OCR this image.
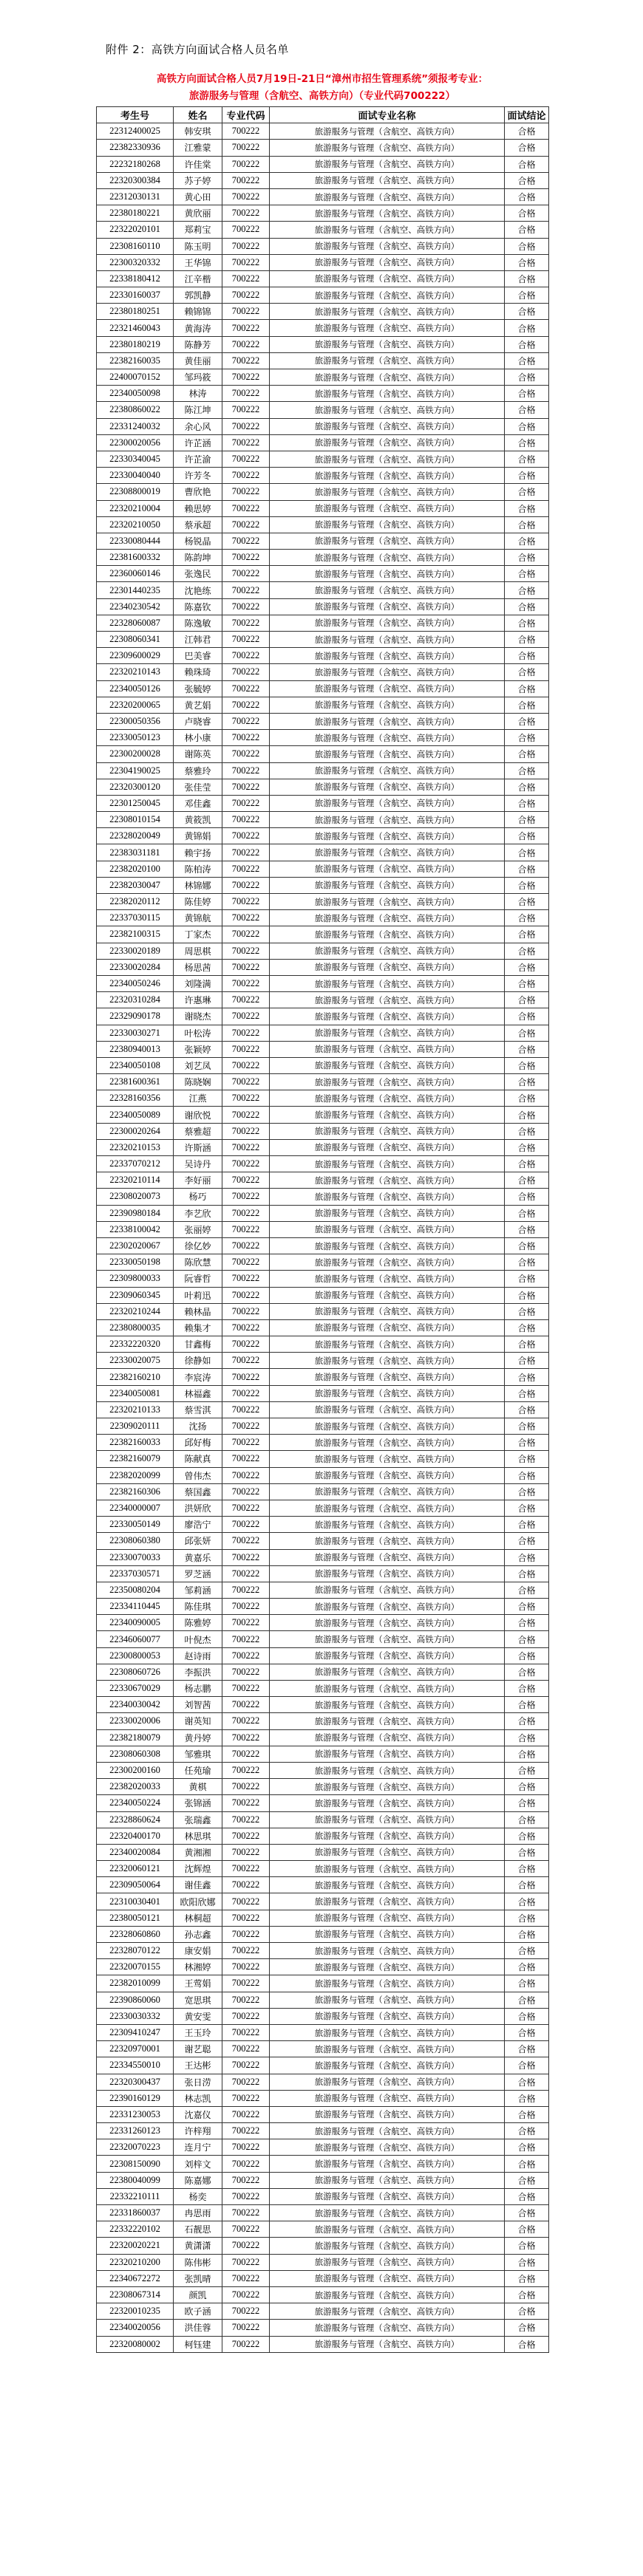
附件 2：高铁方向面试合格人员名单
高铁方向面试合格人员7月19日-21日“漳州市招生管理系统”须报考专业：
旅游服务与管理（含航空、高铁方向）（专业代码700222）
考生号	姓名	专业代码	面试专业名称	面试结论
22312400025	韩安琪	700222	旅游服务与管理（含航空、高铁方向）	合格
22382330936	江雅蒙	700222	旅游服务与管理（含航空、高铁方向）	合格
22232180268	许佳棠	700222	旅游服务与管理（含航空、高铁方向）	合格
22320300384	苏子婷	700222	旅游服务与管理（含航空、高铁方向）	合格
22312030131	黄心田	700222	旅游服务与管理（含航空、高铁方向）	合格
22380180221	黄欣丽	700222	旅游服务与管理（含航空、高铁方向）	合格
22322020101	郑莉宝	700222	旅游服务与管理（含航空、高铁方向）	合格
22308160110	陈玉明	700222	旅游服务与管理（含航空、高铁方向）	合格
22300320332	王华锦	700222	旅游服务与管理（含航空、高铁方向）	合格
22338180412	江辛楷	700222	旅游服务与管理（含航空、高铁方向）	合格
22330160037	郭凯静	700222	旅游服务与管理（含航空、高铁方向）	合格
22380180251	赖锦锦	700222	旅游服务与管理（含航空、高铁方向）	合格
22321460043	黄海涛	700222	旅游服务与管理（含航空、高铁方向）	合格
22380180219	陈静芳	700222	旅游服务与管理（含航空、高铁方向）	合格
22382160035	黄佳丽	700222	旅游服务与管理（含航空、高铁方向）	合格
22400070152	邹玛筱	700222	旅游服务与管理（含航空、高铁方向）	合格
22340050098	林涛	700222	旅游服务与管理（含航空、高铁方向）	合格
22380860022	陈江坤	700222	旅游服务与管理（含航空、高铁方向）	合格
22331240032	余心风	700222	旅游服务与管理（含航空、高铁方向）	合格
22300020056	许芷涵	700222	旅游服务与管理（含航空、高铁方向）	合格
22330340045	许芷渝	700222	旅游服务与管理（含航空、高铁方向）	合格
22330040040	许芳冬	700222	旅游服务与管理（含航空、高铁方向）	合格
22308800019	曹欣艳	700222	旅游服务与管理（含航空、高铁方向）	合格
22320210004	赖思婷	700222	旅游服务与管理（含航空、高铁方向）	合格
22320210050	蔡承超	700222	旅游服务与管理（含航空、高铁方向）	合格
22330080444	杨锐晶	700222	旅游服务与管理（含航空、高铁方向）	合格
22381600332	陈韵坤	700222	旅游服务与管理（含航空、高铁方向）	合格
22360060146	张逸民	700222	旅游服务与管理（含航空、高铁方向）	合格
22301440235	沈艳练	700222	旅游服务与管理（含航空、高铁方向）	合格
22340230542	陈嘉钦	700222	旅游服务与管理（含航空、高铁方向）	合格
22328060087	陈逸敏	700222	旅游服务与管理（含航空、高铁方向）	合格
22308060341	江韩君	700222	旅游服务与管理（含航空、高铁方向）	合格
22309600029	巴美睿	700222	旅游服务与管理（含航空、高铁方向）	合格
22320210143	赖珠琦	700222	旅游服务与管理（含航空、高铁方向）	合格
22340050126	张毓婷	700222	旅游服务与管理（含航空、高铁方向）	合格
22320200065	黄艺娟	700222	旅游服务与管理（含航空、高铁方向）	合格
22300050356	卢晓睿	700222	旅游服务与管理（含航空、高铁方向）	合格
22330050123	林小康	700222	旅游服务与管理（含航空、高铁方向）	合格
22300200028	谢陈英	700222	旅游服务与管理（含航空、高铁方向）	合格
22304190025	蔡雅玲	700222	旅游服务与管理（含航空、高铁方向）	合格
22320300120	张佳莹	700222	旅游服务与管理（含航空、高铁方向）	合格
22301250045	邓佳鑫	700222	旅游服务与管理（含航空、高铁方向）	合格
22308010154	黄筱凯	700222	旅游服务与管理（含航空、高铁方向）	合格
22328020049	黄锦娟	700222	旅游服务与管理（含航空、高铁方向）	合格
22383031181	赖宇扬	700222	旅游服务与管理（含航空、高铁方向）	合格
22382020100	陈柏涛	700222	旅游服务与管理（含航空、高铁方向）	合格
22382030047	林锦娜	700222	旅游服务与管理（含航空、高铁方向）	合格
22382020112	陈佳婷	700222	旅游服务与管理（含航空、高铁方向）	合格
22337030115	黄锦航	700222	旅游服务与管理（含航空、高铁方向）	合格
22382100315	丁家杰	700222	旅游服务与管理（含航空、高铁方向）	合格
22330020189	周思棋	700222	旅游服务与管理（含航空、高铁方向）	合格
22330020284	杨思茜	700222	旅游服务与管理（含航空、高铁方向）	合格
22340050246	刘隆满	700222	旅游服务与管理（含航空、高铁方向）	合格
22320310284	许惠琳	700222	旅游服务与管理（含航空、高铁方向）	合格
22329090178	谢晓杰	700222	旅游服务与管理（含航空、高铁方向）	合格
22330030271	叶松涛	700222	旅游服务与管理（含航空、高铁方向）	合格
22380940013	张颖婷	700222	旅游服务与管理（含航空、高铁方向）	合格
22340050108	刘艺凤	700222	旅游服务与管理（含航空、高铁方向）	合格
22381600361	陈晓娴	700222	旅游服务与管理（含航空、高铁方向）	合格
22328160356	江燕	700222	旅游服务与管理（含航空、高铁方向）	合格
22340050089	谢欣悦	700222	旅游服务与管理（含航空、高铁方向）	合格
22300020264	蔡雅超	700222	旅游服务与管理（含航空、高铁方向）	合格
22320210153	许斯涵	700222	旅游服务与管理（含航空、高铁方向）	合格
22337070212	吴诗丹	700222	旅游服务与管理（含航空、高铁方向）	合格
22320210114	李好丽	700222	旅游服务与管理（含航空、高铁方向）	合格
22308020073	杨巧	700222	旅游服务与管理（含航空、高铁方向）	合格
22390980184	李艺欣	700222	旅游服务与管理（含航空、高铁方向）	合格
22338100042	张丽婷	700222	旅游服务与管理（含航空、高铁方向）	合格
22302020067	徐亿妙	700222	旅游服务与管理（含航空、高铁方向）	合格
22330050198	陈欣慧	700222	旅游服务与管理（含航空、高铁方向）	合格
22309800033	阮睿哲	700222	旅游服务与管理（含航空、高铁方向）	合格
22309060345	叶莉迅	700222	旅游服务与管理（含航空、高铁方向）	合格
22320210244	赖林晶	700222	旅游服务与管理（含航空、高铁方向）	合格
22380800035	赖集才	700222	旅游服务与管理（含航空、高铁方向）	合格
22332220320	甘鑫梅	700222	旅游服务与管理（含航空、高铁方向）	合格
22330020075	徐静如	700222	旅游服务与管理（含航空、高铁方向）	合格
22382160210	李宸涛	700222	旅游服务与管理（含航空、高铁方向）	合格
22340050081	林福鑫	700222	旅游服务与管理（含航空、高铁方向）	合格
22320210133	蔡雪淇	700222	旅游服务与管理（含航空、高铁方向）	合格
22309020111	沈扬	700222	旅游服务与管理（含航空、高铁方向）	合格
22382160033	邱好梅	700222	旅游服务与管理（含航空、高铁方向）	合格
22382160079	陈献真	700222	旅游服务与管理（含航空、高铁方向）	合格
22382020099	曾伟杰	700222	旅游服务与管理（含航空、高铁方向）	合格
22382160306	蔡国鑫	700222	旅游服务与管理（含航空、高铁方向）	合格
22340000007	洪妍欣	700222	旅游服务与管理（含航空、高铁方向）	合格
22330050149	廖浩宁	700222	旅游服务与管理（含航空、高铁方向）	合格
22308060380	邱张妍	700222	旅游服务与管理（含航空、高铁方向）	合格
22330070033	黄嘉乐	700222	旅游服务与管理（含航空、高铁方向）	合格
22337030571	罗芝涵	700222	旅游服务与管理（含航空、高铁方向）	合格
22350080204	邹莉涵	700222	旅游服务与管理（含航空、高铁方向）	合格
22334110445	陈佳琪	700222	旅游服务与管理（含航空、高铁方向）	合格
22340090005	陈雅婷	700222	旅游服务与管理（含航空、高铁方向）	合格
22346060077	叶倪杰	700222	旅游服务与管理（含航空、高铁方向）	合格
22300800053	赵诗雨	700222	旅游服务与管理（含航空、高铁方向）	合格
22308060726	李振洪	700222	旅游服务与管理（含航空、高铁方向）	合格
22330670029	杨志鹏	700222	旅游服务与管理（含航空、高铁方向）	合格
22340030042	刘智茜	700222	旅游服务与管理（含航空、高铁方向）	合格
22330020006	谢英知	700222	旅游服务与管理（含航空、高铁方向）	合格
22382180079	黄丹婷	700222	旅游服务与管理（含航空、高铁方向）	合格
22308060308	邹雅琪	700222	旅游服务与管理（含航空、高铁方向）	合格
22300200160	任苑瑜	700222	旅游服务与管理（含航空、高铁方向）	合格
22382020033	黄棋	700222	旅游服务与管理（含航空、高铁方向）	合格
22340050224	张锦涵	700222	旅游服务与管理（含航空、高铁方向）	合格
22328860624	张瑞鑫	700222	旅游服务与管理（含航空、高铁方向）	合格
22320400170	林思琪	700222	旅游服务与管理（含航空、高铁方向）	合格
22340020084	黄湘湘	700222	旅游服务与管理（含航空、高铁方向）	合格
22320060121	沈辉煌	700222	旅游服务与管理（含航空、高铁方向）	合格
22309050064	谢佳鑫	700222	旅游服务与管理（含航空、高铁方向）	合格
22310030401	欧阳欣娜	700222	旅游服务与管理（含航空、高铁方向）	合格
22380050121	林桐超	700222	旅游服务与管理（含航空、高铁方向）	合格
22328060860	孙志鑫	700222	旅游服务与管理（含航空、高铁方向）	合格
22328070122	康安娟	700222	旅游服务与管理（含航空、高铁方向）	合格
22320070155	林湘婷	700222	旅游服务与管理（含航空、高铁方向）	合格
22382010099	王莺娟	700222	旅游服务与管理（含航空、高铁方向）	合格
22390860060	宽思琪	700222	旅游服务与管理（含航空、高铁方向）	合格
22330030332	黄安雯	700222	旅游服务与管理（含航空、高铁方向）	合格
22309410247	王玉玲	700222	旅游服务与管理（含航空、高铁方向）	合格
22320970001	谢艺聪	700222	旅游服务与管理（含航空、高铁方向）	合格
22334550010	王达彬	700222	旅游服务与管理（含航空、高铁方向）	合格
22320300437	张日涝	700222	旅游服务与管理（含航空、高铁方向）	合格
22390160129	林志凯	700222	旅游服务与管理（含航空、高铁方向）	合格
22331230053	沈嘉仪	700222	旅游服务与管理（含航空、高铁方向）	合格
22331260123	许梓翔	700222	旅游服务与管理（含航空、高铁方向）	合格
22320070223	连月宁	700222	旅游服务与管理（含航空、高铁方向）	合格
22308150090	刘梓文	700222	旅游服务与管理（含航空、高铁方向）	合格
22380040099	陈嘉娜	700222	旅游服务与管理（含航空、高铁方向）	合格
22332210111	杨奕	700222	旅游服务与管理（含航空、高铁方向）	合格
22331860037	冉思雨	700222	旅游服务与管理（含航空、高铁方向）	合格
22332220102	石靓思	700222	旅游服务与管理（含航空、高铁方向）	合格
22320020221	黄潇潇	700222	旅游服务与管理（含航空、高铁方向）	合格
22320210200	陈伟彬	700222	旅游服务与管理（含航空、高铁方向）	合格
22340672272	张凯晴	700222	旅游服务与管理（含航空、高铁方向）	合格
22308067314	颜凯	700222	旅游服务与管理（含航空、高铁方向）	合格
22320010235	欧子涵	700222	旅游服务与管理（含航空、高铁方向）	合格
22340020056	洪佳蓉	700222	旅游服务与管理（含航空、高铁方向）	合格
22320080002	柯钰建	700222	旅游服务与管理（含航空、高铁方向）	合格
